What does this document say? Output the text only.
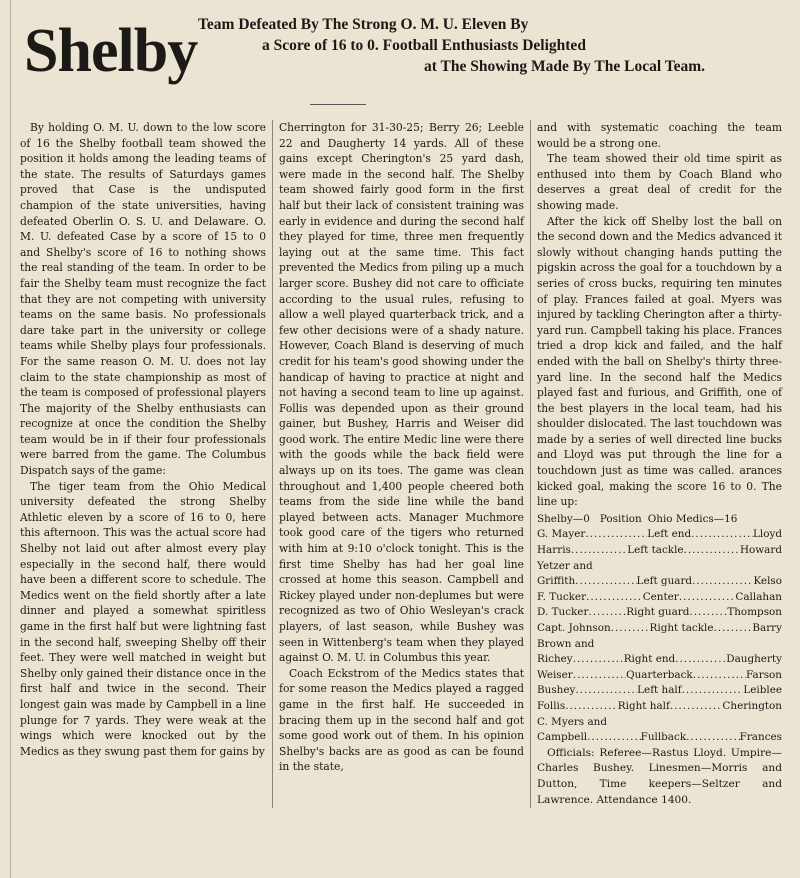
Shelby Team Defeated By The Strong O. M. U. Eleven By
a Score of 16 to 0. Football Enthusiasts Delighted
at The Showing Made By The Local Team.

By holding O. M. U. down to the low score of 16 the Shelby football team showed the position it holds among the leading teams of the state. The results of Saturdays games proved that Case is the undisputed champion of the state universities, having defeated Oberlin O. S. U. and Delaware. O. M. U. defeated Case by a score of 15 to 0 and Shelby's score of 16 to nothing shows the real standing of the team. In order to be fair the Shelby team must recognize the fact that they are not competing with university teams on the same basis. No professionals dare take part in the university or college teams while Shelby plays four professionals. For the same reason O. M. U. does not lay claim to the state championship as most of the team is composed of professional players The majority of the Shelby enthusiasts can recognize at once the condition the Shelby team would be in if their four professionals were barred from the game. The Columbus Dispatch says of the game:

The tiger team from the Ohio Medical university defeated the strong Shelby Athletic eleven by a score of 16 to 0, here this afternoon. This was the actual score had Shelby not laid out after almost every play especially in the second half, there would have been a different score to schedule. The Medics went on the field shortly after a late dinner and played a somewhat spiritless game in the first half but were lightning fast in the second half, sweeping Shelby off their feet. They were well matched in weight but Shelby only gained their distance once in the first half and twice in the second. Their longest gain was made by Campbell in a line plunge for 7 yards. They were weak at the wings which were knocked out by the Medics as they swung past them for gains by

Cherrington for 31-30-25; Berry 26; Leeble 22 and Daugherty 14 yards. All of these gains except Cherington's 25 yard dash, were made in the second half. The Shelby team showed fairly good form in the first half but their lack of consistent training was early in evidence and during the second half they played for time, three men frequently laying out at the same time. This fact prevented the Medics from piling up a much larger score. Bushey did not care to officiate according to the usual rules, refusing to allow a well played quarterback trick, and a few other decisions were of a shady nature. However, Coach Bland is deserving of much credit for his team's good showing under the handicap of having to practice at night and not having a second team to line up against. Follis was depended upon as their ground gainer, but Bushey, Harris and Weiser did good work. The entire Medic line were there with the goods while the back field were always up on its toes. The game was clean throughout and 1,400 people cheered both teams from the side line while the band played between acts. Manager Muchmore took good care of the tigers who returned with him at 9:10 o'clock tonight. This is the first time Shelby has had her goal line crossed at home this season. Campbell and Rickey played under non-deplumes but were recognized as two of Ohio Wesleyan's crack players, of last season, while Bushey was seen in Wittenberg's team when they played against O. M. U. in Columbus this year.

Coach Eckstrom of the Medics states that for some reason the Medics played a ragged game in the first half. He succeeded in bracing them up in the second half and got some good work out of them. In his opinion Shelby's backs are as good as can be found in the state,

and with systematic coaching the team would be a strong one.

The team showed their old time spirit as enthused into them by Coach Bland who deserves a great deal of credit for the showing made.

After the kick off Shelby lost the ball on the second down and the Medics advanced it slowly without changing hands putting the pigskin across the goal for a touchdown by a series of cross bucks, requiring ten minutes of play. Frances failed at goal. Myers was injured by tackling Cherington after a thirty-yard run. Campbell taking his place. Frances tried a drop kick and failed, and the half ended with the ball on Shelby's thirty three-yard line. In the second half the Medics played fast and furious, and Griffith, one of the best players in the local team, had his shoulder dislocated. The last touchdown was made by a series of well directed line bucks and Lloyd was put through the line for a touchdown just as time was called. arances kicked goal, making the score 16 to 0. The line up:

Shelby—0 Position Ohio Medics—16
G. Mayer .....	Left end .....	Lloyd
Harris .....	Left tackle .....	Howard
Yetzer and
Griffith .....	Left guard .....	Kelso
F. Tucker .....	Center .....	Callahan
D. Tucker .....	Right guard .....	Thompson
Capt. Johnson .....	Right tackle .....	Barry
Brown and
Richey .....	Right end .....	Daugherty
Weiser .....	Quarterback .....	Farson
Bushey .....	Left half .....	Leiblee
Follis .....	Right half .....	Cherington
C. Myers and
Campbell .....	Fullback .....	Frances

Officials: Referee—Rastus Lloyd. Umpire—Charles Bushey. Linesmen—Morris and Dutton, Time keepers—Seltzer and Lawrence. Attendance 1400.
